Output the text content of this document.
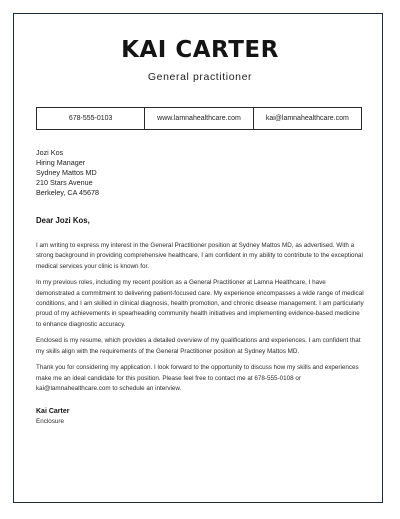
KAI CARTER
General practitioner
678-555-0103	www.lamnahealthcare.com	kai@lamnahealthcare.com
Jozi Kos
Hiring Manager
Sydney Mattos MD
210 Stars Avenue
Berkeley, CA 45678
Dear Jozi Kos,

I am writing to express my interest in the General Practitioner position at Sydney Mattos MD, as advertised. With a strong background in providing comprehensive healthcare, I am confident in my ability to contribute to the exceptional medical services your clinic is known for.

In my previous roles, including my recent position as a General Practitioner at Lamna Healthcare, I have demonstrated a commitment to delivering patient-focused care. My experience encompasses a wide range of medical conditions, and I am skilled in clinical diagnosis, health promotion, and chronic disease management. I am particularly proud of my achievements in spearheading community health initiatives and implementing evidence-based medicine to enhance diagnostic accuracy.

Enclosed is my resume, which provides a detailed overview of my qualifications and experiences. I am confident that my skills align with the requirements of the General Practitioner position at Sydney Mattos MD.

Thank you for considering my application. I look forward to the opportunity to discuss how my skills and experiences make me an ideal candidate for this position. Please feel free to contact me at 678-555-0108 or kai@lamnahealthcare.com to schedule an interview.

Kai Carter
Enclosure
